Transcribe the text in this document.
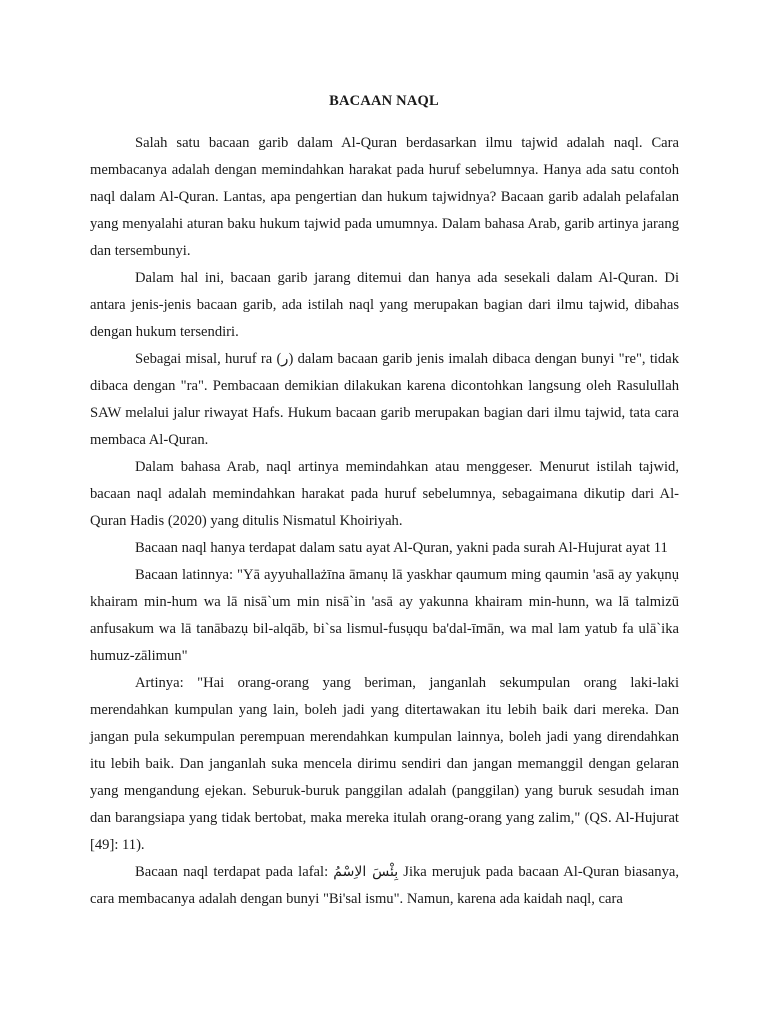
BACAAN NAQL

Salah satu bacaan garib dalam Al-Quran berdasarkan ilmu tajwid adalah naql. Cara membacanya adalah dengan memindahkan harakat pada huruf sebelumnya. Hanya ada satu contoh naql dalam Al-Quran. Lantas, apa pengertian dan hukum tajwidnya? Bacaan garib adalah pelafalan yang menyalahi aturan baku hukum tajwid pada umumnya. Dalam bahasa Arab, garib artinya jarang dan tersembunyi.

Dalam hal ini, bacaan garib jarang ditemui dan hanya ada sesekali dalam Al-Quran. Di antara jenis-jenis bacaan garib, ada istilah naql yang merupakan bagian dari ilmu tajwid, dibahas dengan hukum tersendiri.

Sebagai misal, huruf ra (ر) dalam bacaan garib jenis imalah dibaca dengan bunyi "re", tidak dibaca dengan "ra". Pembacaan demikian dilakukan karena dicontohkan langsung oleh Rasulullah SAW melalui jalur riwayat Hafs. Hukum bacaan garib merupakan bagian dari ilmu tajwid, tata cara membaca Al-Quran.

Dalam bahasa Arab, naql artinya memindahkan atau menggeser. Menurut istilah tajwid, bacaan naql adalah memindahkan harakat pada huruf sebelumnya, sebagaimana dikutip dari Al-Quran Hadis (2020) yang ditulis Nismatul Khoiriyah.

Bacaan naql hanya terdapat dalam satu ayat Al-Quran, yakni pada surah Al-Hujurat ayat 11

Bacaan latinnya: "Yā ayyuhallażīna āmanụ lā yaskhar qaumum ming qaumin 'asā ay yakụnụ khairam min-hum wa lā nisā`um min nisā`in 'asā ay yakunna khairam min-hunn, wa lā talmizū anfusakum wa lā tanābazụ bil-alqāb, bi`sa lismul-fusụqu ba'dal-īmān, wa mal lam yatub fa ulā`ika humuz-zālimun"

Artinya: "Hai orang-orang yang beriman, janganlah sekumpulan orang laki-laki merendahkan kumpulan yang lain, boleh jadi yang ditertawakan itu lebih baik dari mereka. Dan jangan pula sekumpulan perempuan merendahkan kumpulan lainnya, boleh jadi yang direndahkan itu lebih baik. Dan janganlah suka mencela dirimu sendiri dan jangan memanggil dengan gelaran yang mengandung ejekan. Seburuk-buruk panggilan adalah (panggilan) yang buruk sesudah iman dan barangsiapa yang tidak bertobat, maka mereka itulah orang-orang yang zalim," (QS. Al-Hujurat [49]: 11).

Bacaan naql terdapat pada lafal: بِئْسَ الاِسْمُ Jika merujuk pada bacaan Al-Quran biasanya, cara membacanya adalah dengan bunyi "Bi'sal ismu". Namun, karena ada kaidah naql, cara
